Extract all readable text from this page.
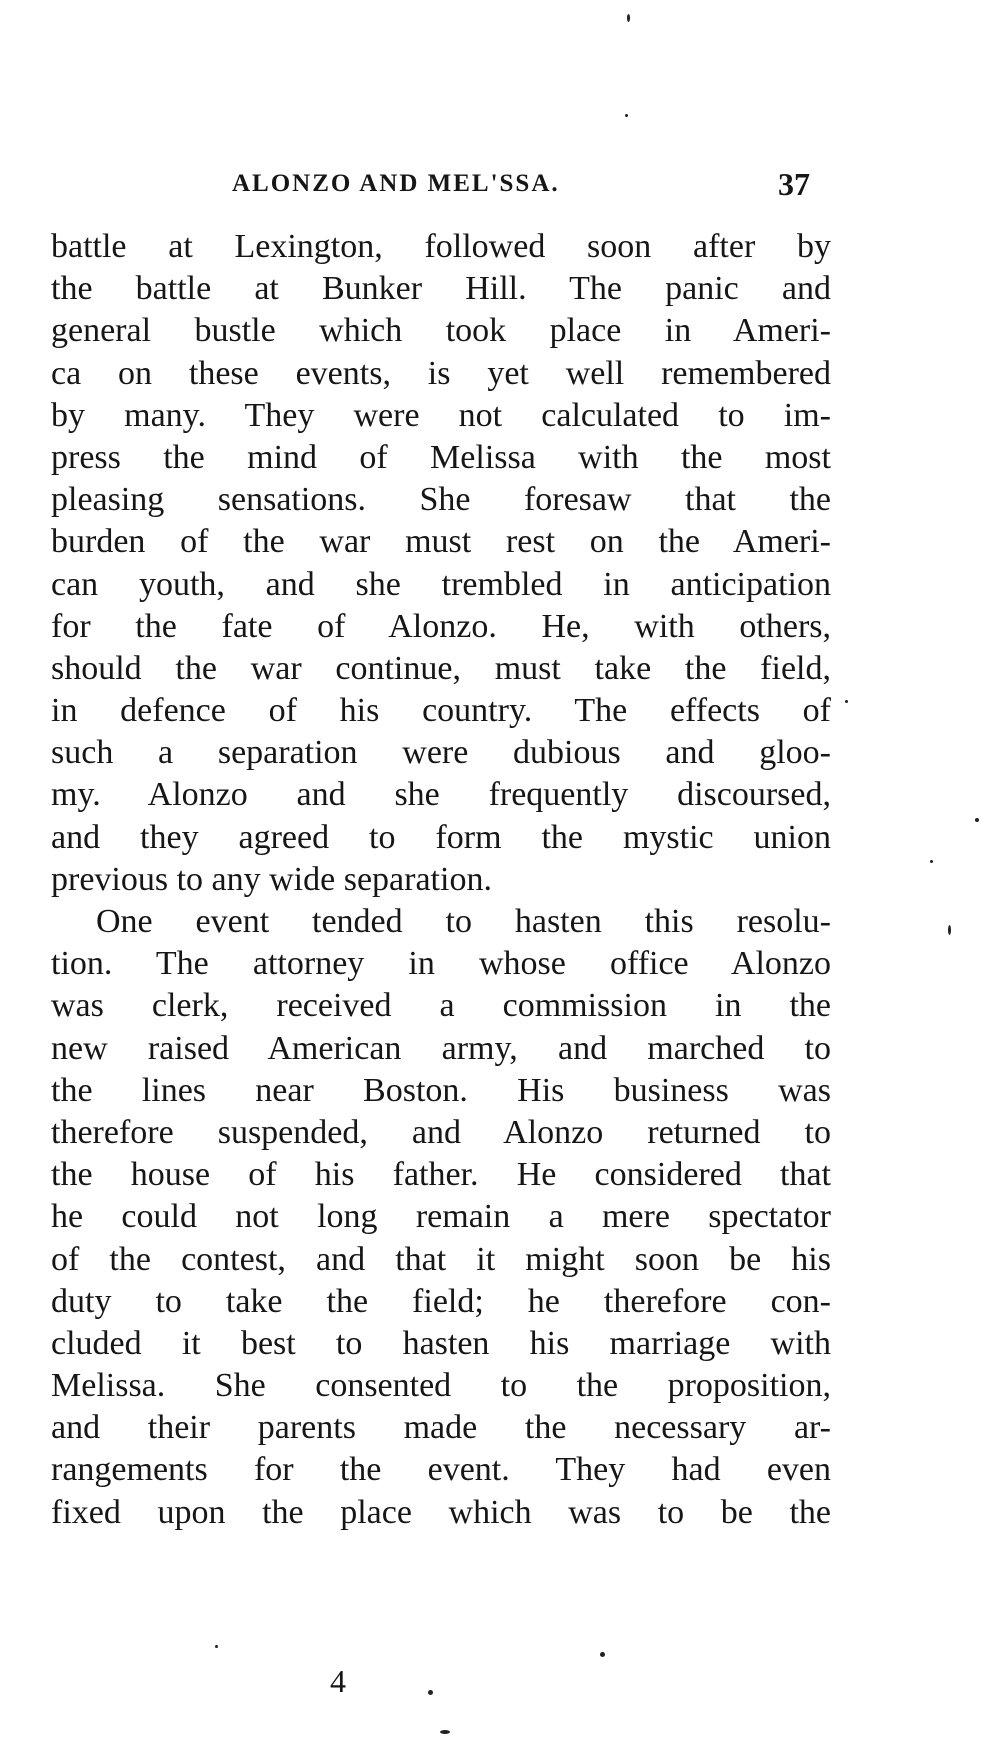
ALONZO AND MEL'SSA.	37
battle at Lexington, followed soon after by
the battle at Bunker Hill. The panic and
general bustle which took place in Ameri-
ca on these events, is yet well remembered
by many. They were not calculated to im-
press the mind of Melissa with the most
pleasing sensations. She foresaw that the
burden of the war must rest on the Ameri-
can youth, and she trembled in anticipation
for the fate of Alonzo. He, with others,
should the war continue, must take the field,
in defence of his country. The effects of
such a separation were dubious and gloo-
my. Alonzo and she frequently discoursed,
and they agreed to form the mystic union
previous to any wide separation.
One event tended to hasten this resolu-
tion. The attorney in whose office Alonzo
was clerk, received a commission in the
new raised American army, and marched to
the lines near Boston. His business was
therefore suspended, and Alonzo returned to
the house of his father. He considered that
he could not long remain a mere spectator
of the contest, and that it might soon be his
duty to take the field; he therefore con-
cluded it best to hasten his marriage with
Melissa. She consented to the proposition,
and their parents made the necessary ar-
rangements for the event. They had even
fixed upon the place which was to be the
4
